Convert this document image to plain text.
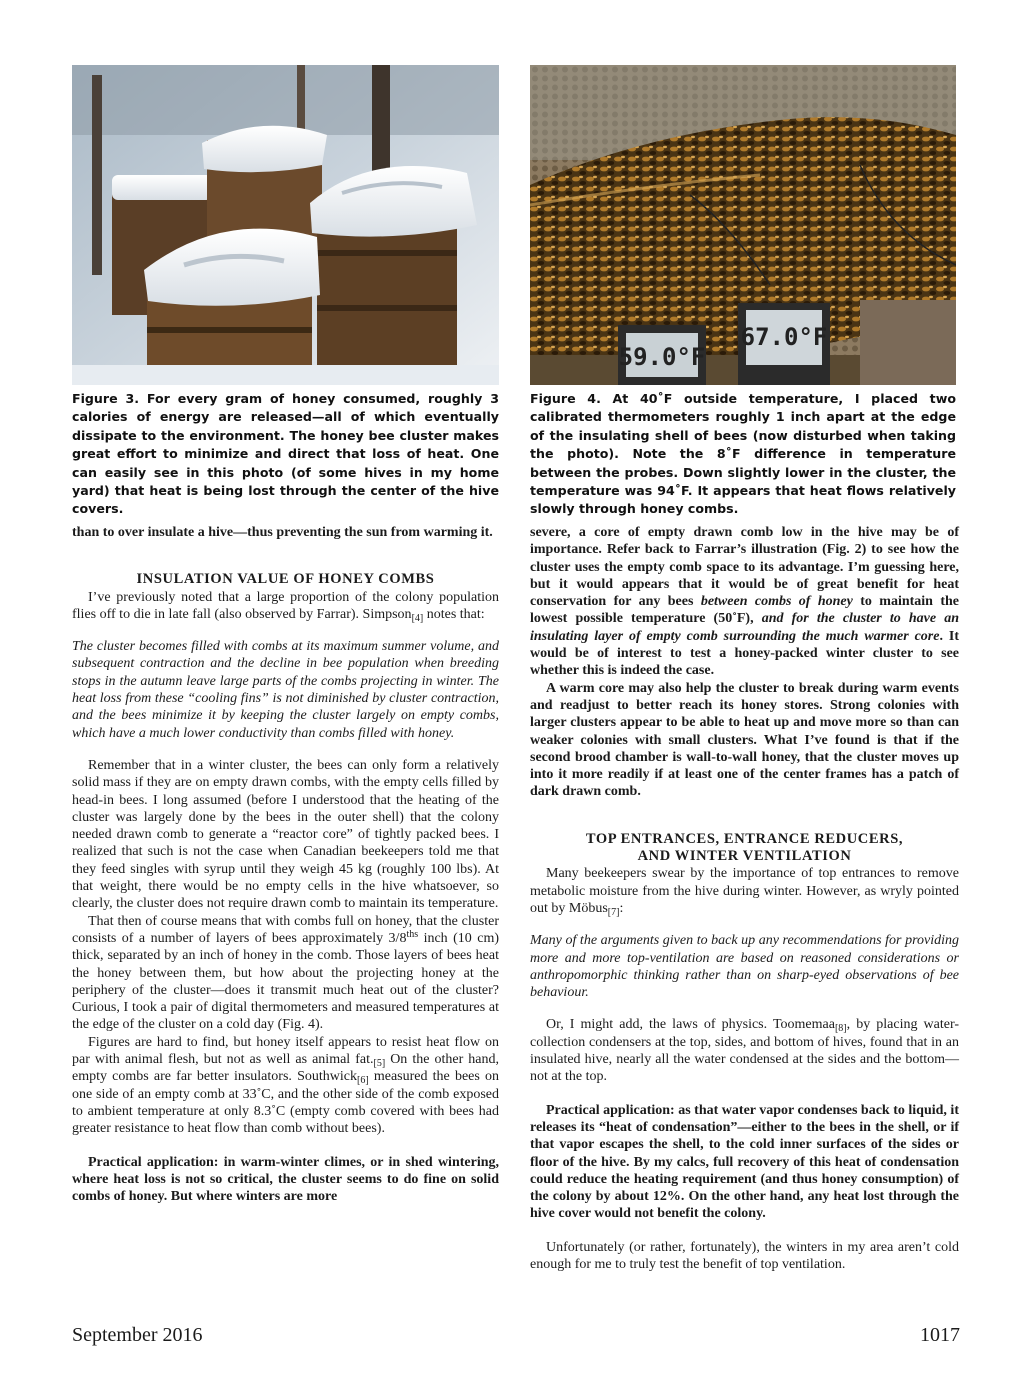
59.0°F
67.0°F

Figure 3. For every gram of honey consumed, roughly 3 calories of energy are released—all of which eventually dissipate to the environment. The honey bee cluster makes great effort to minimize and direct that loss of heat. One can easily see in this photo (of some hives in my home yard) that heat is being lost through the center of the hive covers.

Figure 4. At 40˚F outside temperature, I placed two calibrated thermometers roughly 1 inch apart at the edge of the insulating shell of bees (now disturbed when taking the photo). Note the 8˚F difference in temperature between the probes. Down slightly lower in the cluster, the temperature was 94˚F. It appears that heat flows relatively slowly through honey combs.

than to over insulate a hive—thus preventing the sun from warming it.

INSULATION VALUE OF HONEY COMBS

I’ve previously noted that a large proportion of the colony population flies off to die in late fall (also observed by Farrar). Simpson$_{[4]}$ notes that:

The cluster becomes filled with combs at its maximum summer volume, and subsequent contraction and the decline in bee population when breeding stops in the autumn leave large parts of the combs projecting in winter. The heat loss from these “cooling fins” is not diminished by cluster contraction, and the bees minimize it by keeping the cluster largely on empty combs, which have a much lower conductivity than combs filled with honey.

Remember that in a winter cluster, the bees can only form a relatively solid mass if they are on empty drawn combs, with the empty cells filled by head-in bees. I long assumed (before I understood that the heating of the cluster was largely done by the bees in the outer shell) that the colony needed drawn comb to generate a “reactor core” of tightly packed bees. I realized that such is not the case when Canadian beekeepers told me that they feed singles with syrup until they weigh 45 kg (roughly 100 lbs). At that weight, there would be no empty cells in the hive whatsoever, so clearly, the cluster does not require drawn comb to maintain its temperature.

That then of course means that with combs full on honey, that the cluster consists of a number of layers of bees approximately $3/8^{ths}$ inch (10 cm) thick, separated by an inch of honey in the comb. Those layers of bees heat the honey between them, but how about the projecting honey at the periphery of the cluster—does it transmit much heat out of the cluster? Curious, I took a pair of digital thermometers and measured temperatures at the edge of the cluster on a cold day (Fig. 4).

Figures are hard to find, but honey itself appears to resist heat flow on par with animal flesh, but not as well as animal $fat._{[5]}$ On the other hand, empty combs are far better insulators. Southwick$_{[6]}$ measured the bees on one side of an empty comb at 33˚C, and the other side of the comb exposed to ambient temperature at only 8.3˚C (empty comb covered with bees had greater resistance to heat flow than comb without bees).

Practical application: in warm-winter climes, or in shed wintering, where heat loss is not so critical, the cluster seems to do fine on solid combs of honey. But where winters are more

severe, a core of empty drawn comb low in the hive may be of importance. Refer back to Farrar’s illustration (Fig. 2) to see how the cluster uses the empty comb space to its advantage. I’m guessing here, but it would appears that it would be of great benefit for heat conservation for any bees between combs of honey to maintain the lowest possible temperature (50˚F), and for the cluster to have an insulating layer of empty comb surrounding the much warmer core. It would be of interest to test a honey-packed winter cluster to see whether this is indeed the case.

A warm core may also help the cluster to break during warm events and readjust to better reach its honey stores. Strong colonies with larger clusters appear to be able to heat up and move more so than can weaker colonies with small clusters. What I’ve found is that if the second brood chamber is wall-to-wall honey, that the cluster moves up into it more readily if at least one of the center frames has a patch of dark drawn comb.

TOP ENTRANCES, ENTRANCE REDUCERS,
AND WINTER VENTILATION

Many beekeepers swear by the importance of top entrances to remove metabolic moisture from the hive during winter. However, as wryly pointed out by Möbus$_{[7]}$:

Many of the arguments given to back up any recommendations for providing more and more top-ventilation are based on reasoned considerations or anthropomorphic thinking rather than on sharp-eyed observations of bee behaviour.

Or, I might add, the laws of physics. Toomemaa$_{[8]}$, by placing water-collection condensers at the top, sides, and bottom of hives, found that in an insulated hive, nearly all the water condensed at the sides and the bottom—not at the top.

Practical application: as that water vapor condenses back to liquid, it releases its “heat of condensation”—either to the bees in the shell, or if that vapor escapes the shell, to the cold inner surfaces of the sides or floor of the hive. By my calcs, full recovery of this heat of condensation could reduce the heating requirement (and thus honey consumption) of the colony by about 12%. On the other hand, any heat lost through the hive cover would not benefit the colony.

Unfortunately (or rather, fortunately), the winters in my area aren’t cold enough for me to truly test the benefit of top ventilation.

September 2016	1017
